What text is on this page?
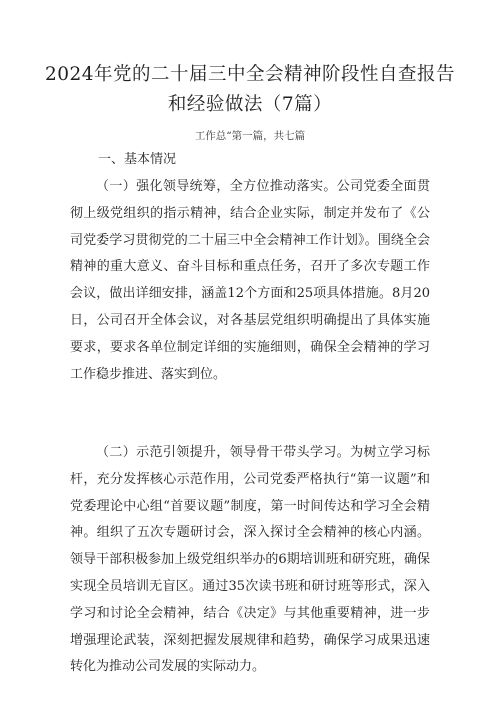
2024年党的二十届三中全会精神阶段性自查报告和经验做法（7篇）
工作总“第一篇，共七篇
一、基本情况

（一）强化领导统筹，全方位推动落实。公司党委全面贯彻上级党组织的指示精神，结合企业实际，制定并发布了《公司党委学习贯彻党的二十届三中全会精神工作计划》。围绕全会精神的重大意义、奋斗目标和重点任务，召开了多次专题工作会议，做出详细安排，涵盖12个方面和25项具体措施。8月20日，公司召开全体会议，对各基层党组织明确提出了具体实施要求，要求各单位制定详细的实施细则，确保全会精神的学习工作稳步推进、落实到位。

（二）示范引领提升，领导骨干带头学习。为树立学习标杆，充分发挥核心示范作用，公司党委严格执行“第一议题”和党委理论中心组“首要议题”制度，第一时间传达和学习全会精神。组织了五次专题研讨会，深入探讨全会精神的核心内涵。领导干部积极参加上级党组织举办的6期培训班和研究班，确保实现全员培训无盲区。通过35次读书班和研讨班等形式，深入学习和讨论全会精神，结合《决定》与其他重要精神，进一步增强理论武装，深刻把握发展规律和趋势，确保学习成果迅速转化为推动公司发展的实际动力。
